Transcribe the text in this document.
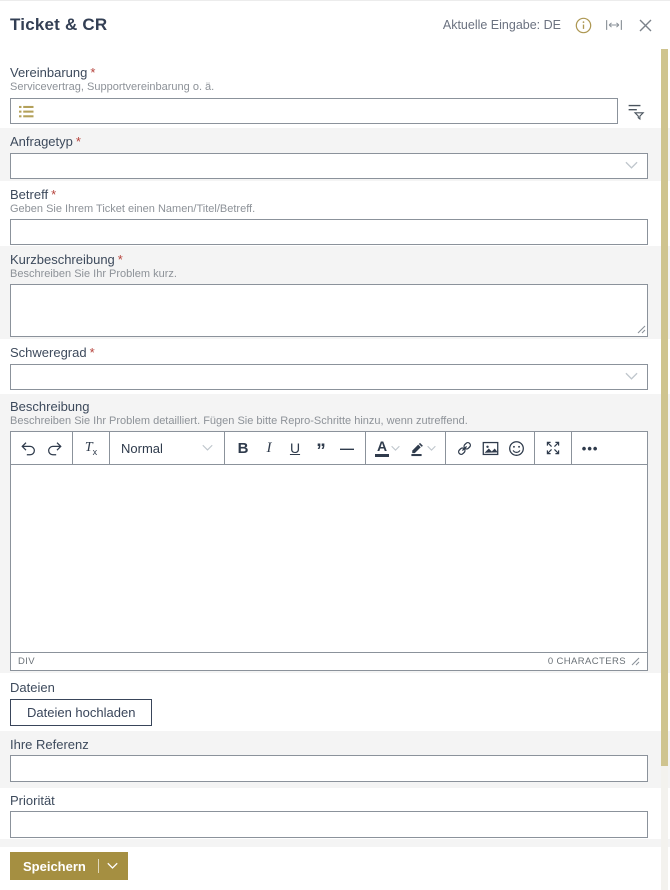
Ticket & CR	Aktuelle Eingabe: DE
Vereinbarung *
Servicevertrag, Supportvereinbarung o. ä.
Anfragetyp *
Betreff *
Geben Sie Ihrem Ticket einen Namen/Titel/Betreff.
Kurzbeschreibung *
Beschreiben Sie Ihr Problem kurz.
Schweregrad *
Beschreibung
Beschreiben Sie Ihr Problem detailliert. Fügen Sie bitte Repro-Schritte hinzu, wenn zutreffend.
$T_x$ Normal	B	I	U ”	—	A	•••
DIV	0 CHARACTERS
Dateien
Dateien hochladen
Ihre Referenz
Priorität
Speichern
